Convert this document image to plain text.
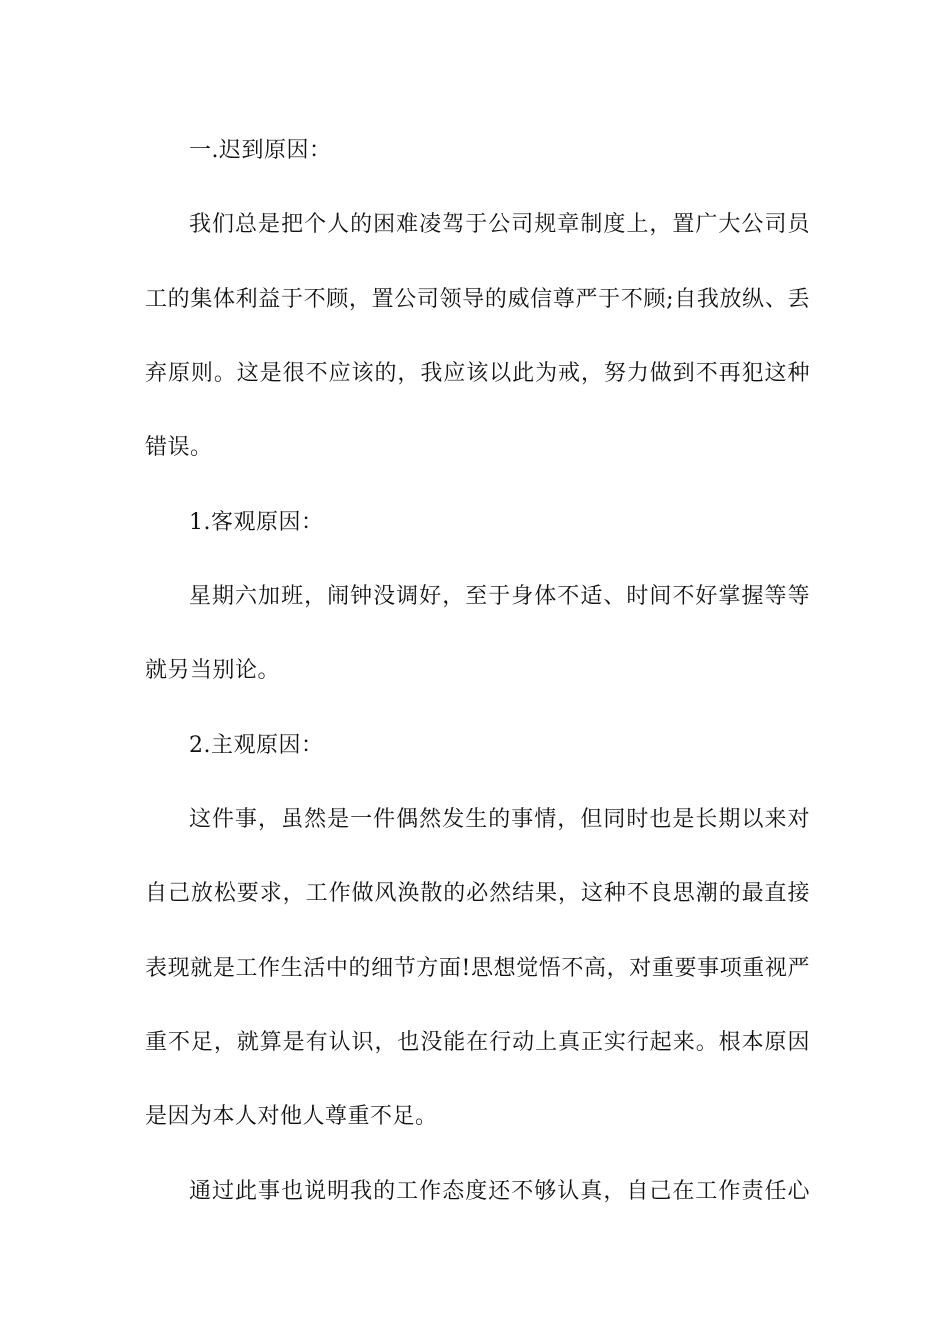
一.迟到原因：
我们总是把个人的困难凌驾于公司规章制度上，置广大公司员
工的集体利益于不顾，置公司领导的威信尊严于不顾;自我放纵、丢
弃原则。这是很不应该的，我应该以此为戒，努力做到不再犯这种
错误。
1.客观原因：
星期六加班，闹钟没调好，至于身体不适、时间不好掌握等等
就另当别论。
2.主观原因：
这件事，虽然是一件偶然发生的事情，但同时也是长期以来对
自己放松要求，工作做风涣散的必然结果，这种不良思潮的最直接
表现就是工作生活中的细节方面!思想觉悟不高，对重要事项重视严
重不足，就算是有认识，也没能在行动上真正实行起来。根本原因
是因为本人对他人尊重不足。
通过此事也说明我的工作态度还不够认真，自己在工作责任心
